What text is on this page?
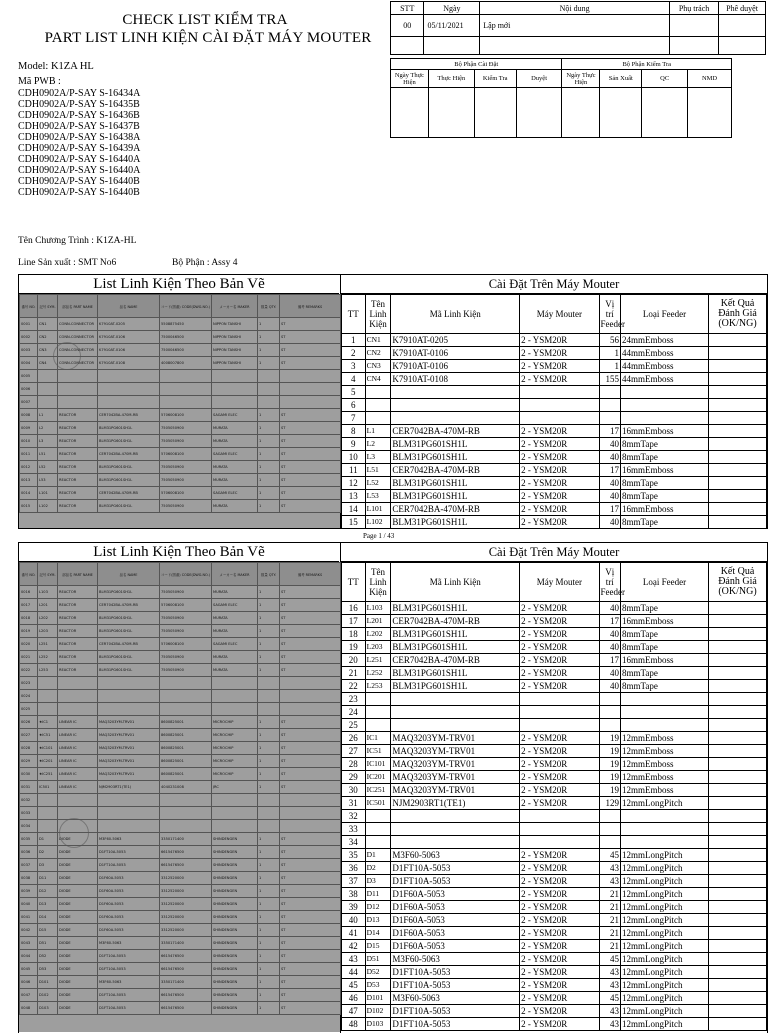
CHECK LIST KIỂM TRA
PART LIST LINH KIỆN CÀI ĐẶT MÁY MOUTER
Model: K1ZA HL
Mã PWB :
CDH0902A/P-SAY S-16434A
CDH0902A/P-SAY S-16435B
CDH0902A/P-SAY S-16436B
CDH0902A/P-SAY S-16437B
CDH0902A/P-SAY S-16438A
CDH0902A/P-SAY S-16439A
CDH0902A/P-SAY S-16440A
CDH0902A/P-SAY S-16440A
CDH0902A/P-SAY S-16440B
CDH0902A/P-SAY S-16440B
Tên Chương Trình : K1ZA-HL
Line Sản xuất : SMT No6	Bộ Phận : Assy 4
STT	Ngày	Nội dung	Phụ trách	Phê duyệt
00	05/11/2021	Lập mới		

Bộ Phận Cài Đặt				Bộ Phận Kiểm Tra			
Ngày Thực Hiện	Thực Hiện	Kiểm Tra	Duyệt	Ngày Thực Hiện	Sản Xuất	QC	NMD

List Linh Kiện Theo Bản Vẽ	Cài Đặt Trên Máy Mouter
番号 NO.	記号 SYM.	部品名 PART NAME	品名 NAME	コード(図番) CODE(DWG.NO.)	メーカー名 MAKER	数量 QTY.	備考 REMARKS
0001	CN1	CONN-CONNECTOR	K7910AT-0205	5508875450	NIPPON TANSHI	1	ST
0002	CN2	CONN-CONNECTOR	K7910AT-0106	7500046500	NIPPON TANSHI	1	ST
0003	CN3	CONN-CONNECTOR	K7910AT-0106	7500046500	NIPPON TANSHI	1	ST
0004	CN4	CONN-CONNECTOR	K7910AT-0108	4008007800	NIPPON TANSHI	1	ST
0005							
0006							
0007							
0008	L1	REACTOR	CER7042BA-470M-RB	5706008100	SAGAMI ELEC	1	ST
0009	L2	REACTOR	BLM31PG601SH1L	7505050900	MURATA	1	ST
0010	L3	REACTOR	BLM31PG601SH1L	7505050900	MURATA	1	ST
0011	L51	REACTOR	CER7042BA-470M-RB	5706008100	SAGAMI ELEC	1	ST
0012	L52	REACTOR	BLM31PG601SH1L	7505050900	MURATA	1	ST
0013	L53	REACTOR	BLM31PG601SH1L	7505050900	MURATA	1	ST
0014	L101	REACTOR	CER7042BA-470M-RB	5706008100	SAGAMI ELEC	1	ST
0015	L102	REACTOR	BLM31PG601SH1L	7505050900	MURATA	1	ST
TT	Tên Linh Kiện	Mã Linh Kiện	Máy Mouter	Vị trí Feeder	Loại Feeder	Kết Quả Đánh Giá (OK/NG)
1	CN1	K7910AT-0205	2 - YSM20R	56	24mmEmboss	
2	CN2	K7910AT-0106	2 - YSM20R	1	44mmEmboss	
3	CN3	K7910AT-0106	2 - YSM20R	1	44mmEmboss	
4	CN4	K7910AT-0108	2 - YSM20R	155	44mmEmboss	
5						
6						
7						
8	L1	CER7042BA-470M-RB	2 - YSM20R	17	16mmEmboss	
9	L2	BLM31PG601SH1L	2 - YSM20R	40	8mmTape	
10	L3	BLM31PG601SH1L	2 - YSM20R	40	8mmTape	
11	L51	CER7042BA-470M-RB	2 - YSM20R	17	16mmEmboss	
12	L52	BLM31PG601SH1L	2 - YSM20R	40	8mmTape	
13	L53	BLM31PG601SH1L	2 - YSM20R	40	8mmTape	
14	L101	CER7042BA-470M-RB	2 - YSM20R	17	16mmEmboss	
15	L102	BLM31PG601SH1L	2 - YSM20R	40	8mmTape	
Page 1 / 43
List Linh Kiện Theo Bản Vẽ	Cài Đặt Trên Máy Mouter
番号 NO.	記号 SYM.	部品名 PART NAME	品名 NAME	コード(図番) CODE(DWG.NO.)	メーカー名 MAKER	数量 QTY.	備考 REMARKS
0016	L103	REACTOR	BLM31PG601SH1L	7505050900	MURATA	1	ST
0017	L201	REACTOR	CER7042BA-470M-RB	5706008100	SAGAMI ELEC	1	ST
0018	L202	REACTOR	BLM31PG601SH1L	7505050900	MURATA	1	ST
0019	L203	REACTOR	BLM31PG601SH1L	7505050900	MURATA	1	ST
0020	L251	REACTOR	CER7042BA-470M-RB	5706008100	SAGAMI ELEC	1	ST
0021	L252	REACTOR	BLM31PG601SH1L	7505050900	MURATA	1	ST
0022	L253	REACTOR	BLM31PG601SH1L	7505050900	MURATA	1	ST
0023							
0024							
0025							
0026	★IC1	LINEAR IC	MAQ3203YM-TRV01	8600825001	MICROCHIP	1	ST
0027	★IC51	LINEAR IC	MAQ3203YM-TRV01	8600825001	MICROCHIP	1	ST
0028	★IC101	LINEAR IC	MAQ3203YM-TRV01	8600825001	MICROCHIP	1	ST
0029	★IC201	LINEAR IC	MAQ3203YM-TRV01	8600825001	MICROCHIP	1	ST
0030	★IC251	LINEAR IC	MAQ3203YM-TRV01	8600825001	MICROCHIP	1	ST
0031	IC501	LINEAR IC	NJM2903RT1(TE1)	4040231008	JRC	1	ST
0032							
0033							
0034							
0035	D1	DIODE	M3F60-5063	3350171400	SHINDENGEN	1	ST
0036	D2	DIODE	D1FT10A-5053	6615476500	SHINDENGEN	1	ST
0037	D3	DIODE	D1FT10A-5053	6615476500	SHINDENGEN	1	ST
0038	D11	DIODE	D1F60A-5053	3312520000	SHINDENGEN	1	ST
0039	D12	DIODE	D1F60A-5053	3312520000	SHINDENGEN	1	ST
0040	D13	DIODE	D1F60A-5053	3312520000	SHINDENGEN	1	ST
0041	D14	DIODE	D1F60A-5053	3312520000	SHINDENGEN	1	ST
0042	D15	DIODE	D1F60A-5053	3312520000	SHINDENGEN	1	ST
0043	D51	DIODE	M3F60-5063	3350171400	SHINDENGEN	1	ST
0044	D52	DIODE	D1FT10A-5053	6615476500	SHINDENGEN	1	ST
0045	D53	DIODE	D1FT10A-5053	6615476500	SHINDENGEN	1	ST
0046	D101	DIODE	M3F60-5063	3350171400	SHINDENGEN	1	ST
0047	D102	DIODE	D1FT10A-5053	6615476500	SHINDENGEN	1	ST
0048	D103	DIODE	D1FT10A-5053	6615476500	SHINDENGEN	1	ST
TT	Tên Linh Kiện	Mã Linh Kiện	Máy Mouter	Vị trí Feeder	Loại Feeder	Kết Quả Đánh Giá (OK/NG)
16	L103	BLM31PG601SH1L	2 - YSM20R	40	8mmTape	
17	L201	CER7042BA-470M-RB	2 - YSM20R	17	16mmEmboss	
18	L202	BLM31PG601SH1L	2 - YSM20R	40	8mmTape	
19	L203	BLM31PG601SH1L	2 - YSM20R	40	8mmTape	
20	L251	CER7042BA-470M-RB	2 - YSM20R	17	16mmEmboss	
21	L252	BLM31PG601SH1L	2 - YSM20R	40	8mmTape	
22	L253	BLM31PG601SH1L	2 - YSM20R	40	8mmTape	
23						
24						
25						
26	IC1	MAQ3203YM-TRV01	2 - YSM20R	19	12mmEmboss	
27	IC51	MAQ3203YM-TRV01	2 - YSM20R	19	12mmEmboss	
28	IC101	MAQ3203YM-TRV01	2 - YSM20R	19	12mmEmboss	
29	IC201	MAQ3203YM-TRV01	2 - YSM20R	19	12mmEmboss	
30	IC251	MAQ3203YM-TRV01	2 - YSM20R	19	12mmEmboss	
31	IC501	NJM2903RT1(TE1)	2 - YSM20R	129	12mmLongPitch	
32						
33						
34						
35	D1	M3F60-5063	2 - YSM20R	45	12mmLongPitch	
36	D2	D1FT10A-5053	2 - YSM20R	43	12mmLongPitch	
37	D3	D1FT10A-5053	2 - YSM20R	43	12mmLongPitch	
38	D11	D1F60A-5053	2 - YSM20R	21	12mmLongPitch	
39	D12	D1F60A-5053	2 - YSM20R	21	12mmLongPitch	
40	D13	D1F60A-5053	2 - YSM20R	21	12mmLongPitch	
41	D14	D1F60A-5053	2 - YSM20R	21	12mmLongPitch	
42	D15	D1F60A-5053	2 - YSM20R	21	12mmLongPitch	
43	D51	M3F60-5063	2 - YSM20R	45	12mmLongPitch	
44	D52	D1FT10A-5053	2 - YSM20R	43	12mmLongPitch	
45	D53	D1FT10A-5053	2 - YSM20R	43	12mmLongPitch	
46	D101	M3F60-5063	2 - YSM20R	45	12mmLongPitch	
47	D102	D1FT10A-5053	2 - YSM20R	43	12mmLongPitch	
48	D103	D1FT10A-5053	2 - YSM20R	43	12mmLongPitch	
